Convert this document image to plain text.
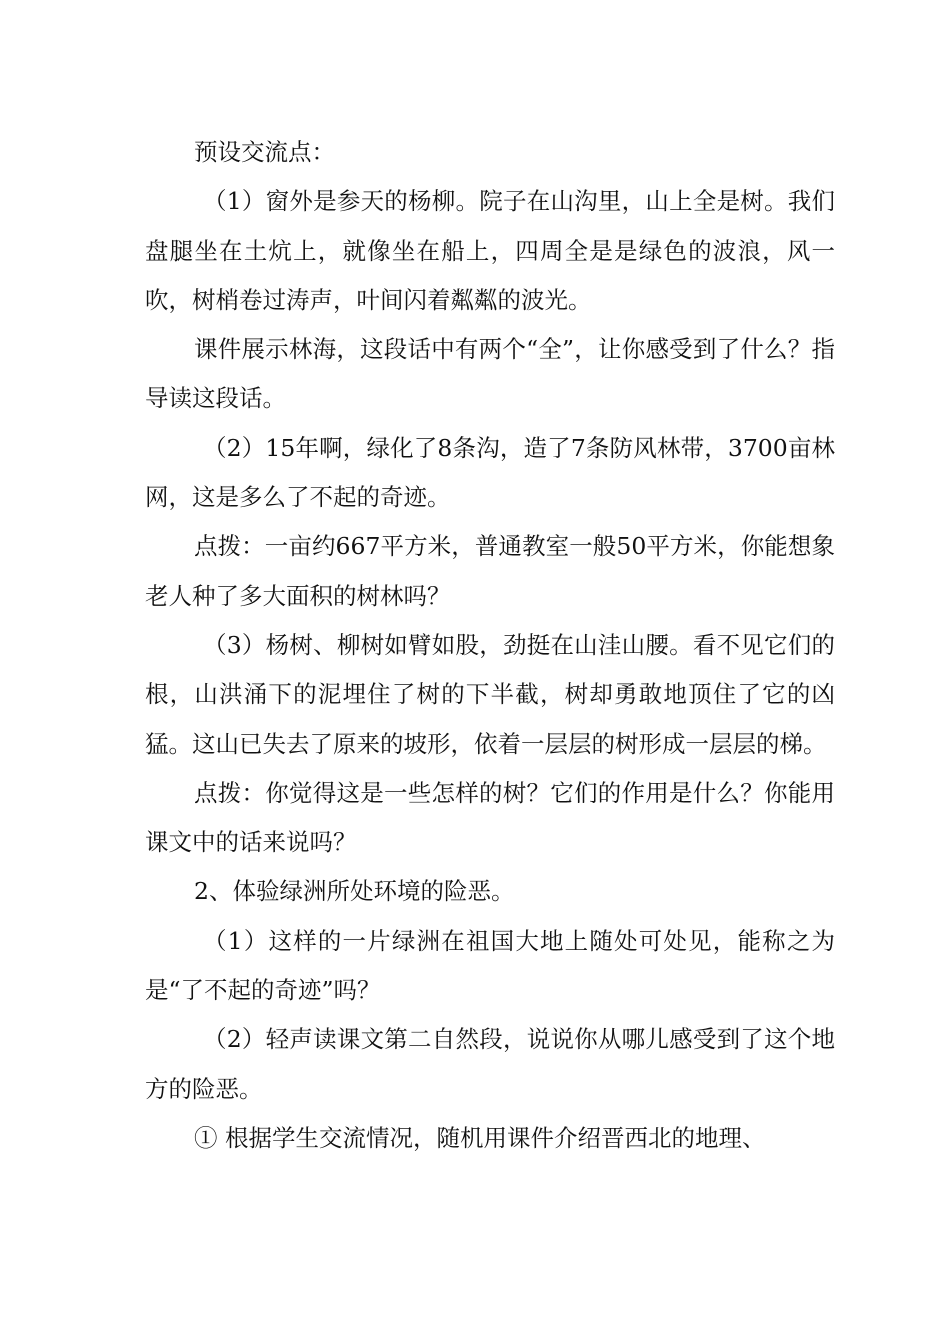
预设交流点：

（1）窗外是参天的杨柳。院子在山沟里，山上全是树。我们盘腿坐在土炕上，就像坐在船上，四周全是是绿色的波浪，风一吹，树梢卷过涛声，叶间闪着粼粼的波光。

课件展示林海，这段话中有两个“全”，让你感受到了什么？指导读这段话。

（2）15年啊，绿化了8条沟，造了7条防风林带，3700亩林网，这是多么了不起的奇迹。

点拨：一亩约667平方米，普通教室一般50平方米，你能想象老人种了多大面积的树林吗？

（3）杨树、柳树如臂如股，劲挺在山洼山腰。看不见它们的根，山洪涌下的泥埋住了树的下半截，树却勇敢地顶住了它的凶猛。这山已失去了原来的坡形，依着一层层的树形成一层层的梯。

点拨：你觉得这是一些怎样的树？它们的作用是什么？你能用课文中的话来说吗？

2、体验绿洲所处环境的险恶。

（1）这样的一片绿洲在祖国大地上随处可处见，能称之为是“了不起的奇迹”吗？

（2）轻声读课文第二自然段，说说你从哪儿感受到了这个地方的险恶。

① 根据学生交流情况，随机用课件介绍晋西北的地理、
